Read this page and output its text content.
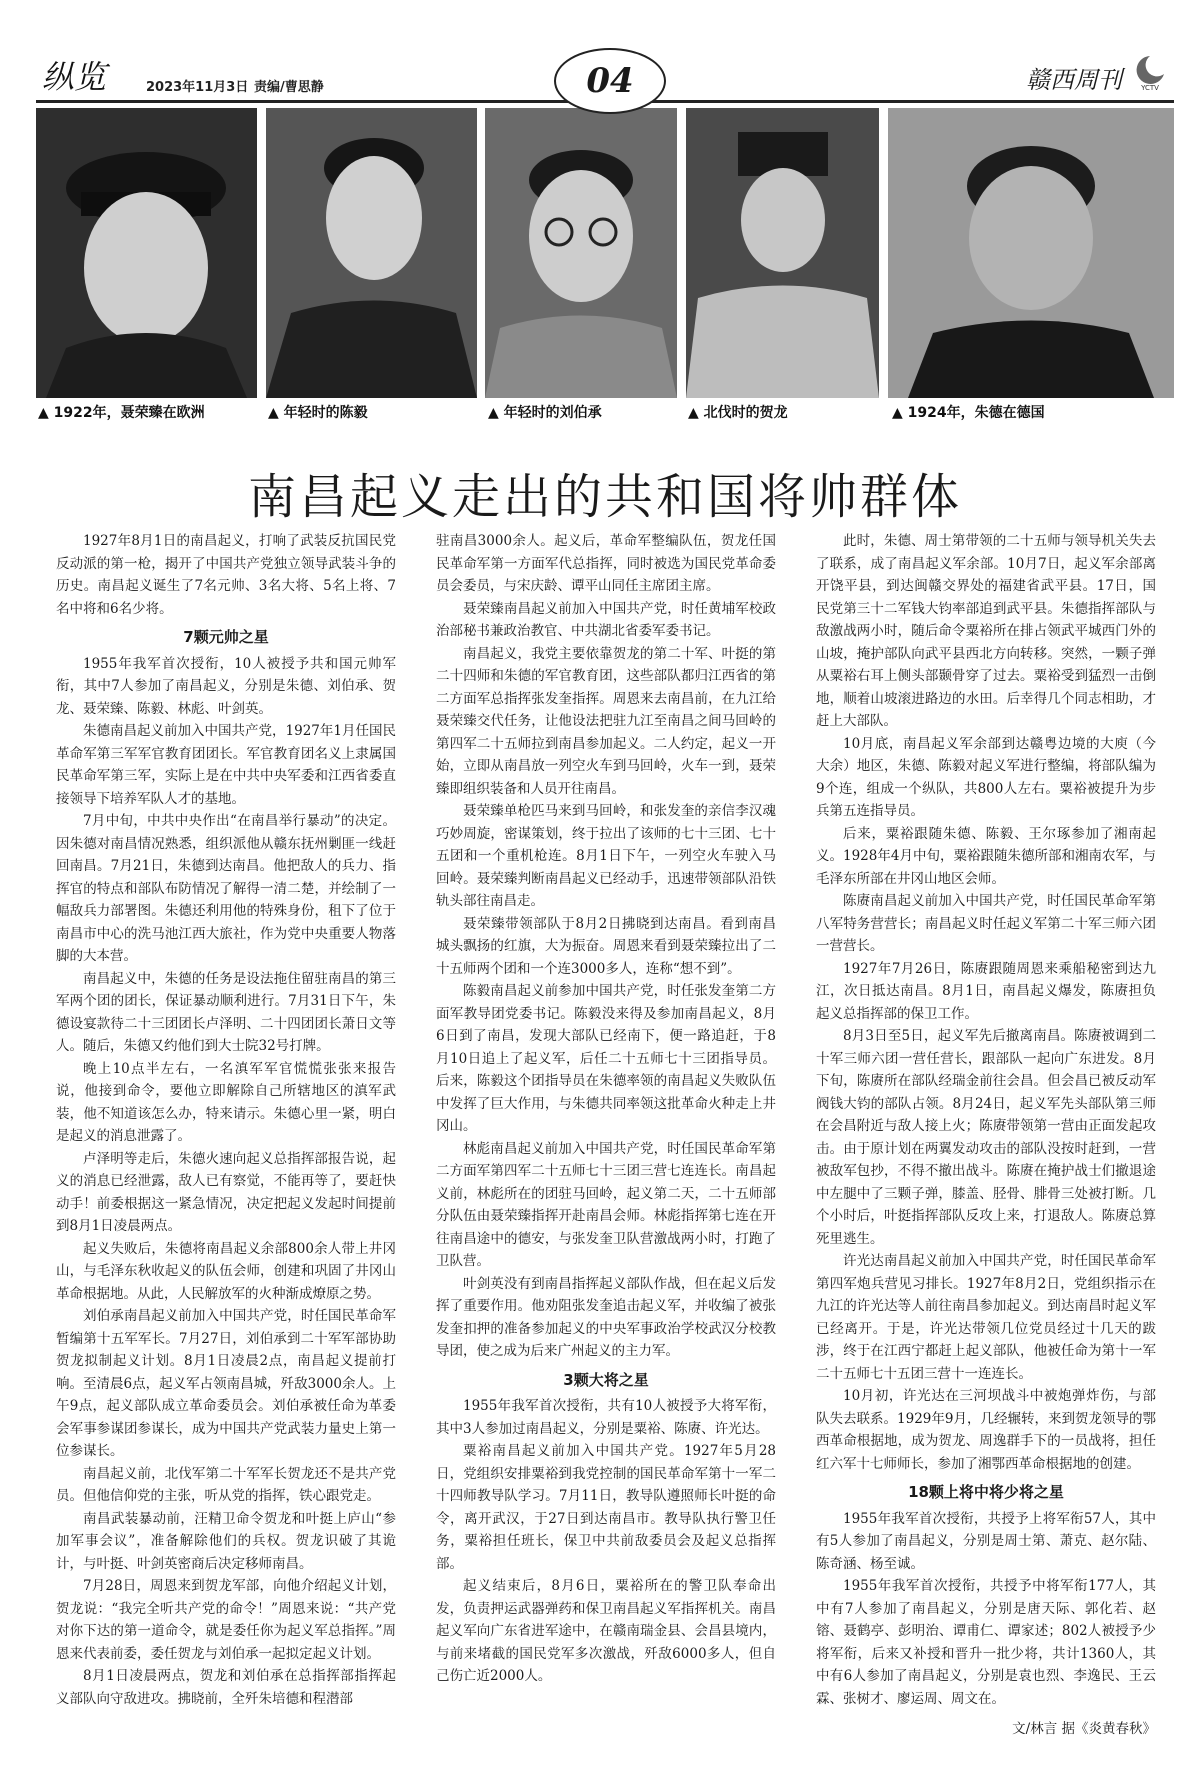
纵览	2023年11月3日 责编/曹思静	04	赣西周刊	YCTV
▲ 1922年，聂荣臻在欧洲	▲ 年轻时的陈毅	▲ 年轻时的刘伯承	▲ 北伐时的贺龙	▲ 1924年，朱德在德国
南昌起义走出的共和国将帅群体

1927年8月1日的南昌起义，打响了武装反抗国民党反动派的第一枪，揭开了中国共产党独立领导武装斗争的历史。南昌起义诞生了7名元帅、3名大将、5名上将、7名中将和6名少将。

7颗元帅之星

1955年我军首次授衔，10人被授予共和国元帅军衔，其中7人参加了南昌起义，分别是朱德、刘伯承、贺龙、聂荣臻、陈毅、林彪、叶剑英。

朱德南昌起义前加入中国共产党，1927年1月任国民革命军第三军军官教育团团长。军官教育团名义上隶属国民革命军第三军，实际上是在中共中央军委和江西省委直接领导下培养军队人才的基地。

7月中旬，中共中央作出“在南昌举行暴动”的决定。因朱德对南昌情况熟悉，组织派他从赣东抚州剿匪一线赶回南昌。7月21日，朱德到达南昌。他把敌人的兵力、指挥官的特点和部队布防情况了解得一清二楚，并绘制了一幅敌兵力部署图。朱德还利用他的特殊身份，租下了位于南昌市中心的洗马池江西大旅社，作为党中央重要人物落脚的大本营。

南昌起义中，朱德的任务是设法拖住留驻南昌的第三军两个团的团长，保证暴动顺利进行。7月31日下午，朱德设宴款待二十三团团长卢泽明、二十四团团长萧日文等人。随后，朱德又约他们到大士院32号打牌。

晚上10点半左右，一名滇军军官慌慌张张来报告说，他接到命令，要他立即解除自己所辖地区的滇军武装，他不知道该怎么办，特来请示。朱德心里一紧，明白是起义的消息泄露了。

卢泽明等走后，朱德火速向起义总指挥部报告说，起义的消息已经泄露，敌人已有察觉，不能再等了，要赶快动手！前委根据这一紧急情况，决定把起义发起时间提前到8月1日凌晨两点。

起义失败后，朱德将南昌起义余部800余人带上井冈山，与毛泽东秋收起义的队伍会师，创建和巩固了井冈山革命根据地。从此，人民解放军的火种渐成燎原之势。

刘伯承南昌起义前加入中国共产党，时任国民革命军暂编第十五军军长。7月27日，刘伯承到二十军军部协助贺龙拟制起义计划。8月1日凌晨2点，南昌起义提前打响。至清晨6点，起义军占领南昌城，歼敌3000余人。上午9点，起义部队成立革命委员会。刘伯承被任命为革委会军事参谋团参谋长，成为中国共产党武装力量史上第一位参谋长。

南昌起义前，北伐军第二十军军长贺龙还不是共产党员。但他信仰党的主张，听从党的指挥，铁心跟党走。

南昌武装暴动前，汪精卫命令贺龙和叶挺上庐山“参加军事会议”，准备解除他们的兵权。贺龙识破了其诡计，与叶挺、叶剑英密商后决定移师南昌。

7月28日，周恩来到贺龙军部，向他介绍起义计划，贺龙说：“我完全听共产党的命令！”周恩来说：“共产党对你下达的第一道命令，就是委任你为起义军总指挥。”周恩来代表前委，委任贺龙与刘伯承一起拟定起义计划。

8月1日凌晨两点，贺龙和刘伯承在总指挥部指挥起义部队向守敌进攻。拂晓前，全歼朱培德和程潜部

驻南昌3000余人。起义后，革命军整编队伍，贺龙任国民革命军第一方面军代总指挥，同时被选为国民党革命委员会委员，与宋庆龄、谭平山同任主席团主席。

聂荣臻南昌起义前加入中国共产党，时任黄埔军校政治部秘书兼政治教官、中共湖北省委军委书记。

南昌起义，我党主要依靠贺龙的第二十军、叶挺的第二十四师和朱德的军官教育团，这些部队都归江西省的第二方面军总指挥张发奎指挥。周恩来去南昌前，在九江给聂荣臻交代任务，让他设法把驻九江至南昌之间马回岭的第四军二十五师拉到南昌参加起义。二人约定，起义一开始，立即从南昌放一列空火车到马回岭，火车一到，聂荣臻即组织装备和人员开往南昌。

聂荣臻单枪匹马来到马回岭，和张发奎的亲信李汉魂巧妙周旋，密谋策划，终于拉出了该师的七十三团、七十五团和一个重机枪连。8月1日下午，一列空火车驶入马回岭。聂荣臻判断南昌起义已经动手，迅速带领部队沿铁轨头部往南昌走。

聂荣臻带领部队于8月2日拂晓到达南昌。看到南昌城头飘扬的红旗，大为振奋。周恩来看到聂荣臻拉出了二十五师两个团和一个连3000多人，连称“想不到”。

陈毅南昌起义前参加中国共产党，时任张发奎第二方面军教导团党委书记。陈毅没来得及参加南昌起义，8月6日到了南昌，发现大部队已经南下，便一路追赶，于8月10日追上了起义军，后任二十五师七十三团指导员。后来，陈毅这个团指导员在朱德率领的南昌起义失败队伍中发挥了巨大作用，与朱德共同率领这批革命火种走上井冈山。

林彪南昌起义前加入中国共产党，时任国民革命军第二方面军第四军二十五师七十三团三营七连连长。南昌起义前，林彪所在的团驻马回岭，起义第二天，二十五师部分队伍由聂荣臻指挥开赴南昌会师。林彪指挥第七连在开往南昌途中的德安，与张发奎卫队营激战两小时，打跑了卫队营。

叶剑英没有到南昌指挥起义部队作战，但在起义后发挥了重要作用。他劝阻张发奎追击起义军，并收编了被张发奎扣押的准备参加起义的中央军事政治学校武汉分校教导团，使之成为后来广州起义的主力军。

3颗大将之星

1955年我军首次授衔，共有10人被授予大将军衔，其中3人参加过南昌起义，分别是粟裕、陈赓、许光达。

粟裕南昌起义前加入中国共产党。1927年5月28日，党组织安排粟裕到我党控制的国民革命军第十一军二十四师教导队学习。7月11日，教导队遵照师长叶挺的命令，离开武汉，于27日到达南昌市。教导队执行警卫任务，粟裕担任班长，保卫中共前敌委员会及起义总指挥部。

起义结束后，8月6日，粟裕所在的警卫队奉命出发，负责押运武器弹药和保卫南昌起义军指挥机关。南昌起义军向广东省进军途中，在赣南瑞金县、会昌县境内，与前来堵截的国民党军多次激战，歼敌6000多人，但自己伤亡近2000人。

此时，朱德、周士第带领的二十五师与领导机关失去了联系，成了南昌起义军余部。10月7日，起义军余部离开饶平县，到达闽赣交界处的福建省武平县。17日，国民党第三十二军钱大钧率部追到武平县。朱德指挥部队与敌激战两小时，随后命令粟裕所在排占领武平城西门外的山坡，掩护部队向武平县西北方向转移。突然，一颗子弹从粟裕右耳上侧头部颞骨穿了过去。粟裕受到猛烈一击倒地，顺着山坡滚进路边的水田。后幸得几个同志相助，才赶上大部队。

10月底，南昌起义军余部到达赣粤边境的大庾（今大余）地区，朱德、陈毅对起义军进行整编，将部队编为9个连，组成一个纵队，共800人左右。粟裕被提升为步兵第五连指导员。

后来，粟裕跟随朱德、陈毅、王尔琢参加了湘南起义。1928年4月中旬，粟裕跟随朱德所部和湘南农军，与毛泽东所部在井冈山地区会师。

陈赓南昌起义前加入中国共产党，时任国民革命军第八军特务营营长；南昌起义时任起义军第二十军三师六团一营营长。

1927年7月26日，陈赓跟随周恩来乘船秘密到达九江，次日抵达南昌。8月1日，南昌起义爆发，陈赓担负起义总指挥部的保卫工作。

8月3日至5日，起义军先后撤离南昌。陈赓被调到二十军三师六团一营任营长，跟部队一起向广东进发。8月下旬，陈赓所在部队经瑞金前往会昌。但会昌已被反动军阀钱大钧的部队占领。8月24日，起义军先头部队第三师在会昌附近与敌人接上火；陈赓带领第一营由正面发起攻击。由于原计划在两翼发动攻击的部队没按时赶到，一营被敌军包抄，不得不撤出战斗。陈赓在掩护战士们撤退途中左腿中了三颗子弹，膝盖、胫骨、腓骨三处被打断。几个小时后，叶挺指挥部队反攻上来，打退敌人。陈赓总算死里逃生。

许光达南昌起义前加入中国共产党，时任国民革命军第四军炮兵营见习排长。1927年8月2日，党组织指示在九江的许光达等人前往南昌参加起义。到达南昌时起义军已经离开。于是，许光达带领几位党员经过十几天的跋涉，终于在江西宁都赶上起义部队，他被任命为第十一军二十五师七十五团三营十一连连长。

10月初，许光达在三河坝战斗中被炮弹炸伤，与部队失去联系。1929年9月，几经辗转，来到贺龙领导的鄂西革命根据地，成为贺龙、周逸群手下的一员战将，担任红六军十七师师长，参加了湘鄂西革命根据地的创建。

18颗上将中将少将之星

1955年我军首次授衔，共授予上将军衔57人，其中有5人参加了南昌起义，分别是周士第、萧克、赵尔陆、陈奇涵、杨至诚。

1955年我军首次授衔，共授予中将军衔177人，其中有7人参加了南昌起义，分别是唐天际、郭化若、赵镕、聂鹤亭、彭明治、谭甫仁、谭家述；802人被授予少将军衔，后来又补授和晋升一批少将，共计1360人，其中有6人参加了南昌起义，分别是袁也烈、李逸民、王云霖、张树才、廖运周、周文在。

文/林言 据《炎黄春秋》
